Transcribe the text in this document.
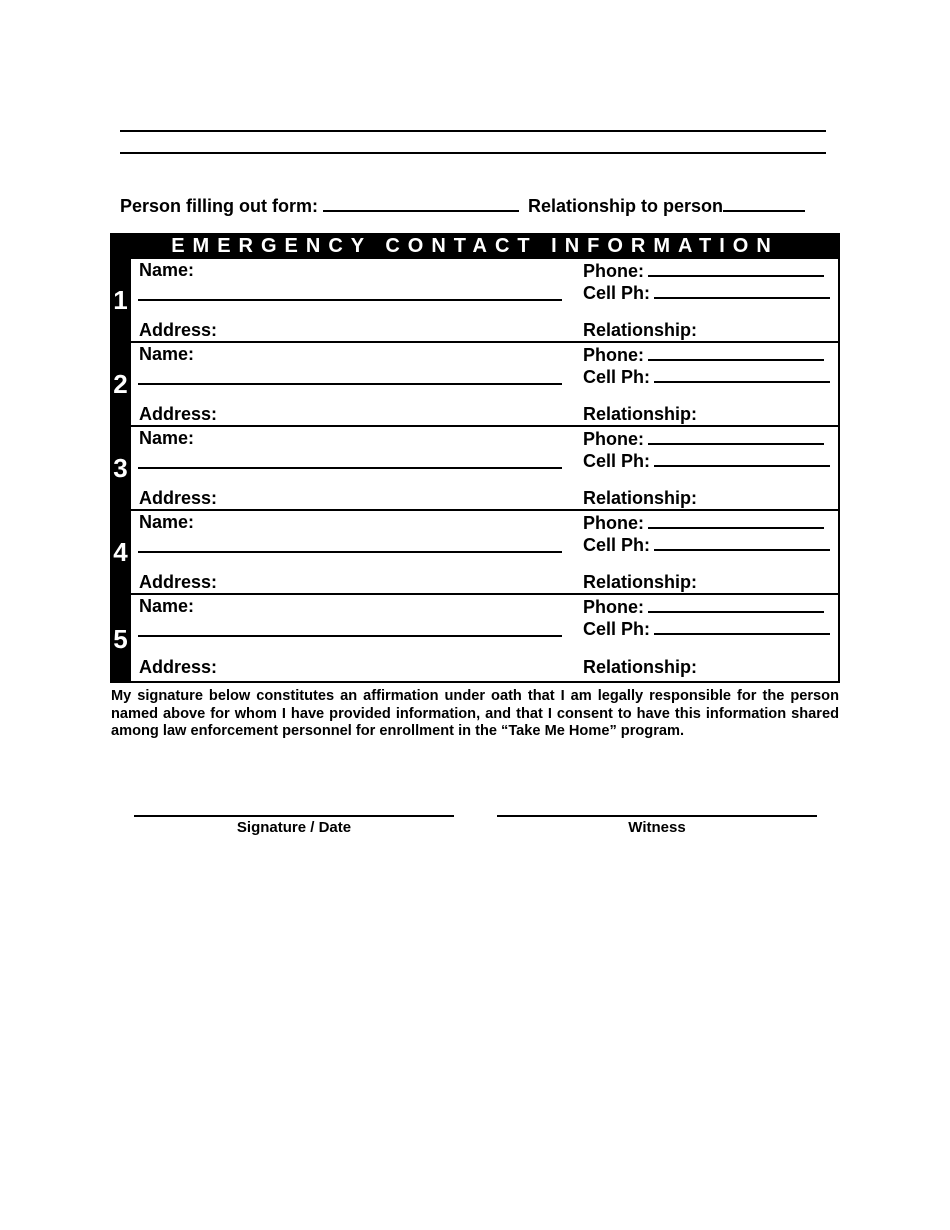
Person filling out form:	Relationship to person
EMERGENCY CONTACT INFORMATION
1
Name:
Address:
Phone:
Cell Ph:
Relationship:
2
Name:
Address:
Phone:
Cell Ph:
Relationship:
3
Name:
Address:
Phone:
Cell Ph:
Relationship:
4
Name:
Address:
Phone:
Cell Ph:
Relationship:
5
Name:
Address:
Phone:
Cell Ph:
Relationship:
My signature below constitutes an affirmation under oath that I am legally responsible for the person named above for whom I have provided information, and that I consent to have this information shared among law enforcement personnel for enrollment in the “Take Me Home” program.
Signature / Date	Witness
